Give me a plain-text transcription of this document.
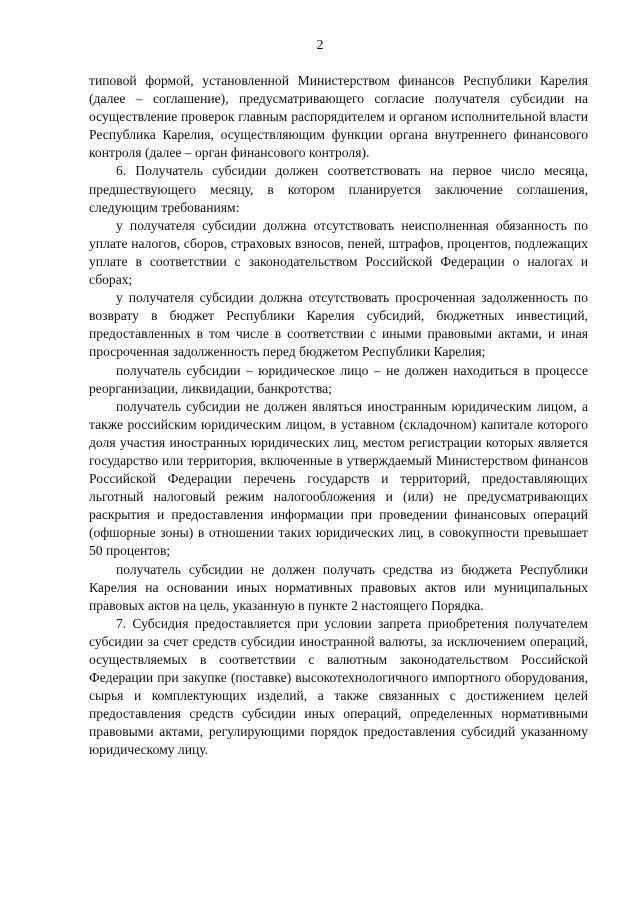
2

типовой формой, установленной Министерством финансов Республики Карелия (далее – соглашение), предусматривающего согласие получателя субсидии на осуществление проверок главным распорядителем и органом исполнительной власти Республика Карелия, осуществляющим функции органа внутреннего финансового контроля (далее – орган финансового контроля).

6. Получатель субсидии должен соответствовать на первое число месяца, предшествующего месяцу, в котором планируется заключение соглашения, следующим требованиям:

у получателя субсидии должна отсутствовать неисполненная обязанность по уплате налогов, сборов, страховых взносов, пеней, штрафов, процентов, подлежащих уплате в соответствии с законодательством Российской Федерации о налогах и сборах;

у получателя субсидии должна отсутствовать просроченная задолженность по возврату в бюджет Республики Карелия субсидий, бюджетных инвестиций, предоставленных в том числе в соответствии с иными правовыми актами, и иная просроченная задолженность перед бюджетом Республики Карелия;

получатель субсидии – юридическое лицо – не должен находиться в процессе реорганизации, ликвидации, банкротства;

получатель субсидии не должен являться иностранным юридическим лицом, а также российским юридическим лицом, в уставном (складочном) капитале которого доля участия иностранных юридических лиц, местом регистрации которых является государство или территория, включенные в утверждаемый Министерством финансов Российской Федерации перечень государств и территорий, предоставляющих льготный налоговый режим налогообложения и (или) не предусматривающих раскрытия и предоставления информации при проведении финансовых операций (офшорные зоны) в отношении таких юридических лиц, в совокупности превышает 50 процентов;

получатель субсидии не должен получать средства из бюджета Республики Карелия на основании иных нормативных правовых актов или муниципальных правовых актов на цель, указанную в пункте 2 настоящего Порядка.

7. Субсидия предоставляется при условии запрета приобретения получателем субсидии за счет средств субсидии иностранной валюты, за исключением операций, осуществляемых в соответствии с валютным законодательством Российской Федерации при закупке (поставке) высокотехнологичного импортного оборудования, сырья и комплектующих изделий, а также связанных с достижением целей предоставления средств субсидии иных операций, определенных нормативными правовыми актами, регулирующими порядок предоставления субсидий указанному юридическому лицу.
